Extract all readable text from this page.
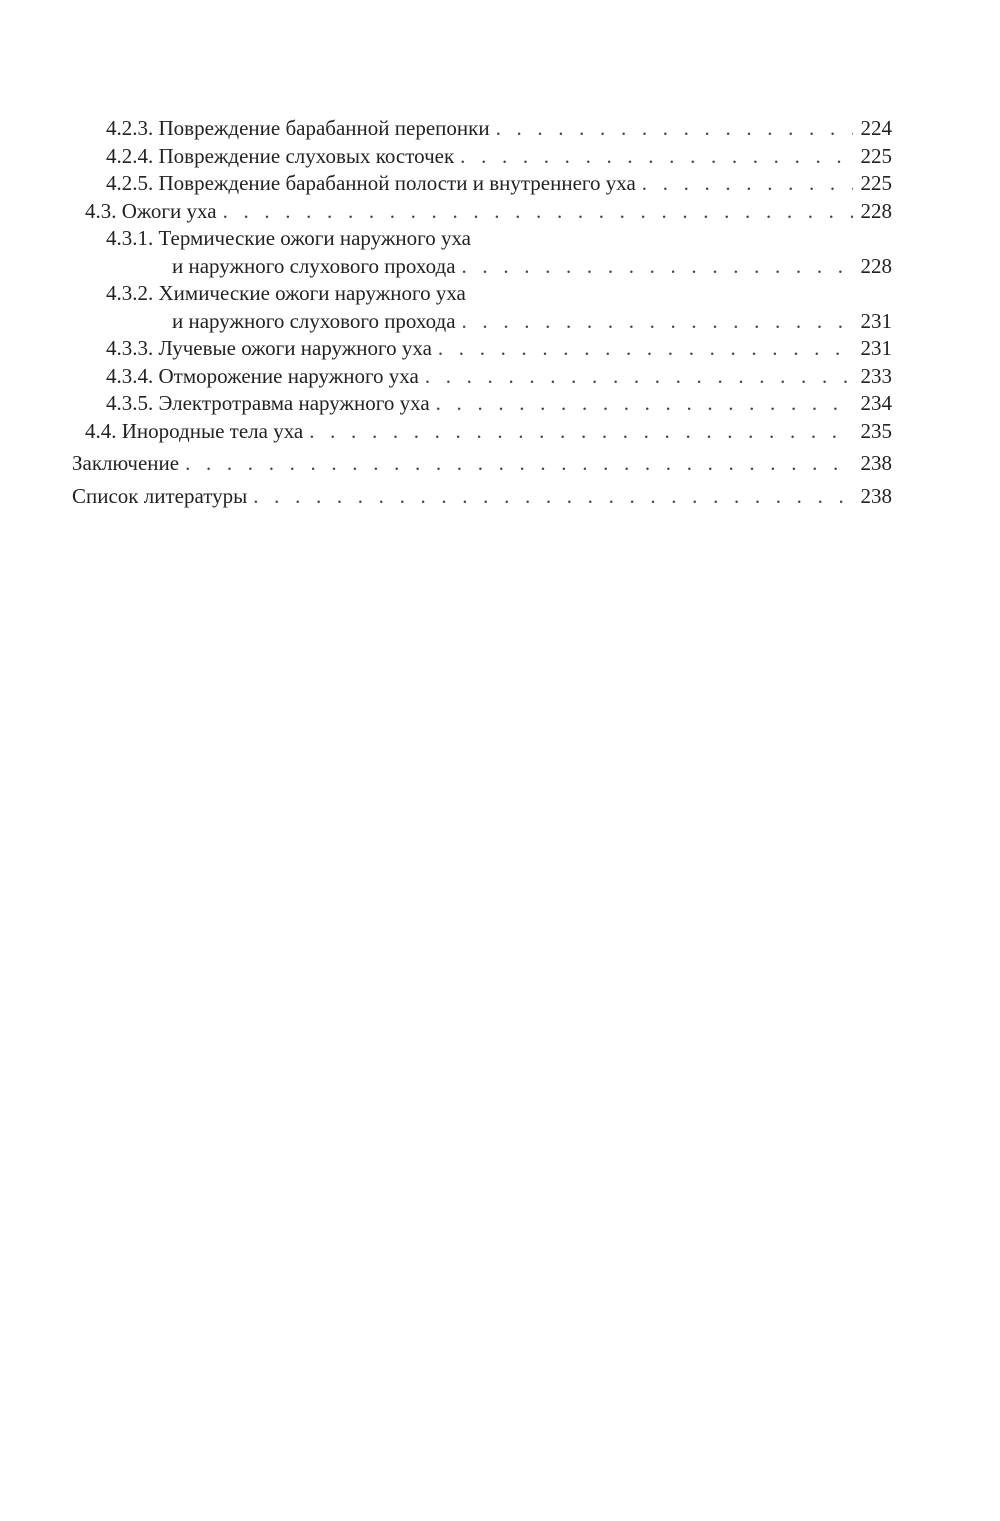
4.2.3. Повреждение барабанной перепонки . . .	224
4.2.4. Повреждение слуховых косточек . . .	225
4.2.5. Повреждение барабанной полости и внутреннего уха . . .	225
4.3. Ожоги уха . . .	228
4.3.1. Термические ожоги наружного уха
и наружного слухового прохода . . .	228
4.3.2. Химические ожоги наружного уха
и наружного слухового прохода . . .	231
4.3.3. Лучевые ожоги наружного уха . . .	231
4.3.4. Отморожение наружного уха . . .	233
4.3.5. Электротравма наружного уха . . .	234
4.4. Инородные тела уха . . .	235
Заключение . . .	238
Список литературы . . .	238
